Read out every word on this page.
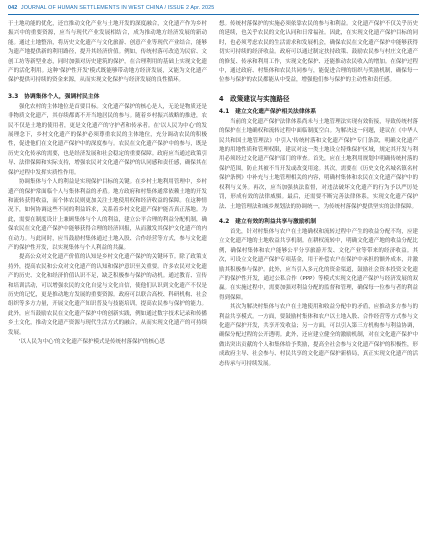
042 JOURNAL OF HUMAN SETTLEMENTS IN WEST CHINA / ISSUE 2 Apr. 2025

于土地功能的优化，还宜推动文化产业与土地开发的深度融合，文化遗产作为乡村振兴中的重要资源，应当与现代产业发展相结合，成为推动地方经济发展的新动能。通过土地整治，将历史文化遗产与文化旅游、创意产业等现代产业结合，能够为遗产地提供新的利用路径，提升其经济价值。例如，传统村落可改造为民宿、文创工坊等新型业态，同时加强对历史建筑的保护，在合理利用的基础上实现文化遗产的活化利用。这种'保护性开发'模式既能够带动地方经济发展，又能为文化遗产保护提供可持续的资金来源，从而实现文化保护与经济发展的良性循环。

3.3　协调集体个人，强调村民主体

强化农村的主体地位是首要目标。文化遗产保护的核心是人，无论是物质还是非物质文化遗产，其存续都离不开当地居民的参与。随着乡村振兴战略的推进，农民不仅是土地的使用者，更是文化遗产的守护者和传承者。在'以人民为中心'的发展理念下，乡村文化遗产的保护必须尊重农民的主体地位，充分调动农民的积极性，促进他们在文化遗产保护中的深度参与。农民在文化遗产保护中的参与，既是历史文化传承的需要，也是经济发展和社会稳定的重要保障。政府应当通过政策引导、法律保障和实际支持，增强农民对文化遗产保护的认同感和责任感，确保其在保护过程中发挥实质性作用。

协调集体与个人的利益是实现保护目标的关键。在乡村土地利用管理中，乡村遗产的保护常面临个人与集体利益的矛盾。地方政府和村集体通常依赖土地的开发和流转获得收益，而个体农民则更加关注土地使用权和经济收益的保障。在这种情况下，如何协调这些不同的利益诉求，关系着乡村文化遗产保护能否真正落地。为此，需要在制度设计上兼顾集体与个人的利益，建立公平合理的利益分配机制，确保农民在文化遗产保护中能够获得合理的经济回报，从而激发其保护文化遗产的内在动力。与此同时，应当鼓励村集体通过土地入股、合作经营等方式，参与文化遗产的保护性开发，以实现集体与个人利益的共赢。

提高公众对文化遗产价值的认知是乡村文化遗产保护的关键环节。除了政策支持外，提高农民和公众对文化遗产的认知和保护意识至关重要。许多农民对文化遗产的历史、文化和经济价值认识不足，缺乏积极参与保护的动机。通过教育、宣传和培训活动，可以增强农民的文化自觉与文化自信，使他们认识到文化遗产不仅是历史的记忆，更是推动地方发展的重要资源。政府可以联合高校、科研机构、社会组织等多方力量，开展文化遗产知识普及与技能培训，提高农民参与保护的能力。此外，应当鼓励农民在文化遗产保护中的创新实践，例如通过数字技术记录和传播乡土文化，推动文化遗产资源与现代生活方式的融合，从而实现文化遗产的可持续发展。

'以人民为中心'的文化遗产保护模式是传统村落保护的核心思

想。传统村落保护的实施必须依靠农民的参与和利益。文化遗产保护不仅关乎历史的延续，也关乎农民的文化认同和日常福祉。因此，在实现文化遗产保护目标的同时，也必须考虑农民的生活需求和发展机会，确保农民在文化遗产保护中能够获得切实可持续的经济收益。政府可以通过制定扶持政策、鼓励农民参与村庄文化遗产的修复、传承和利用工作，实现文化保护、还能推动农民收入的增加。在保护过程中，通过政府、村集体和农民共同参与，能促进合理的组织与奖励机制，确保每一位参与保护的农民都能从中受益，增强他们参与保护的主动性和责任感。

4　政策建议与实施路径
4.1　建立文化遗产保护相关法律体系

当前的文化遗产保护法律体系尚未与土地管理法实现有效衔接，导致传统村落的保护在土地确权和流转过程中面临制度空白。为解决这一问题，建议在《中华人民共和国土地管理法》中引入'传统村落和文化遗产保护'专门条款，明确文化遗产地的用地性质和管理权限，建议对这一类土地设立特殊保护区域，规定其开发与利用必须经过文化遗产保护部门的审查。首先，应在土地利用规划中明确传统村落的保护范围，防止其被不当开发或改变用途。其次，需要在《历史文化名城名镇名村保护条例》中补充与土地管理相关的内容，明确村集体和农民在文化遗产保护中的权利与义务。再次，应当加强执法监督，对违法破坏文化遗产的行为予以严厉处罚，形成有效的法律威慑。最后，还需要不断完善法律体系，实现文化遗产保护法、土地管理法和城乡规划法的协调统一，为传统村落保护提供坚实的法律保障。

4.2　建立有效的利益共享与激励机制

首先，针对村集体与农户在土地确权和流转过程中产生的收益分配不均，应建立文化遗产地的土地收益共享机制。在耕权流转中，明确文化遗产地的收益分配比例，确保村集体和农户能够公平分享旅游开发、文化产业等带来的经济收益。其次，可设立文化遗产保护专项基金，用于补偿农户在保护中承担的额外成本，并激励其积极参与保护。此外，应当引入多元化的资金渠道，鼓励社会资本投资文化遗产的保护性开发，通过公私合作（PPP）等模式实现文化遗产保护与经济发展的双赢。在实施过程中，需要加强对利益分配的监督和管理，确保每一位参与者的利益得到保障。

其次为解决村集体与农户在土地使用和收益分配中的矛盾，应推动多方参与的利益共享模式。一方面，要鼓励村集体和农户以土地入股、合作经营等方式参与文化遗产保护开发，共享开发收益；另一方面，可以引入第三方机构参与利益协调，确保分配过程的公开透明。此外，还应建立健全的激励机制，对在文化遗产保护中做出突出贡献的个人和集体给予奖励，提高全社会参与文化遗产保护的积极性，形成政府主导、社会参与、村民共享的文化遗产保护新格局，真正实现文化遗产的活态传承与可持续发展。
